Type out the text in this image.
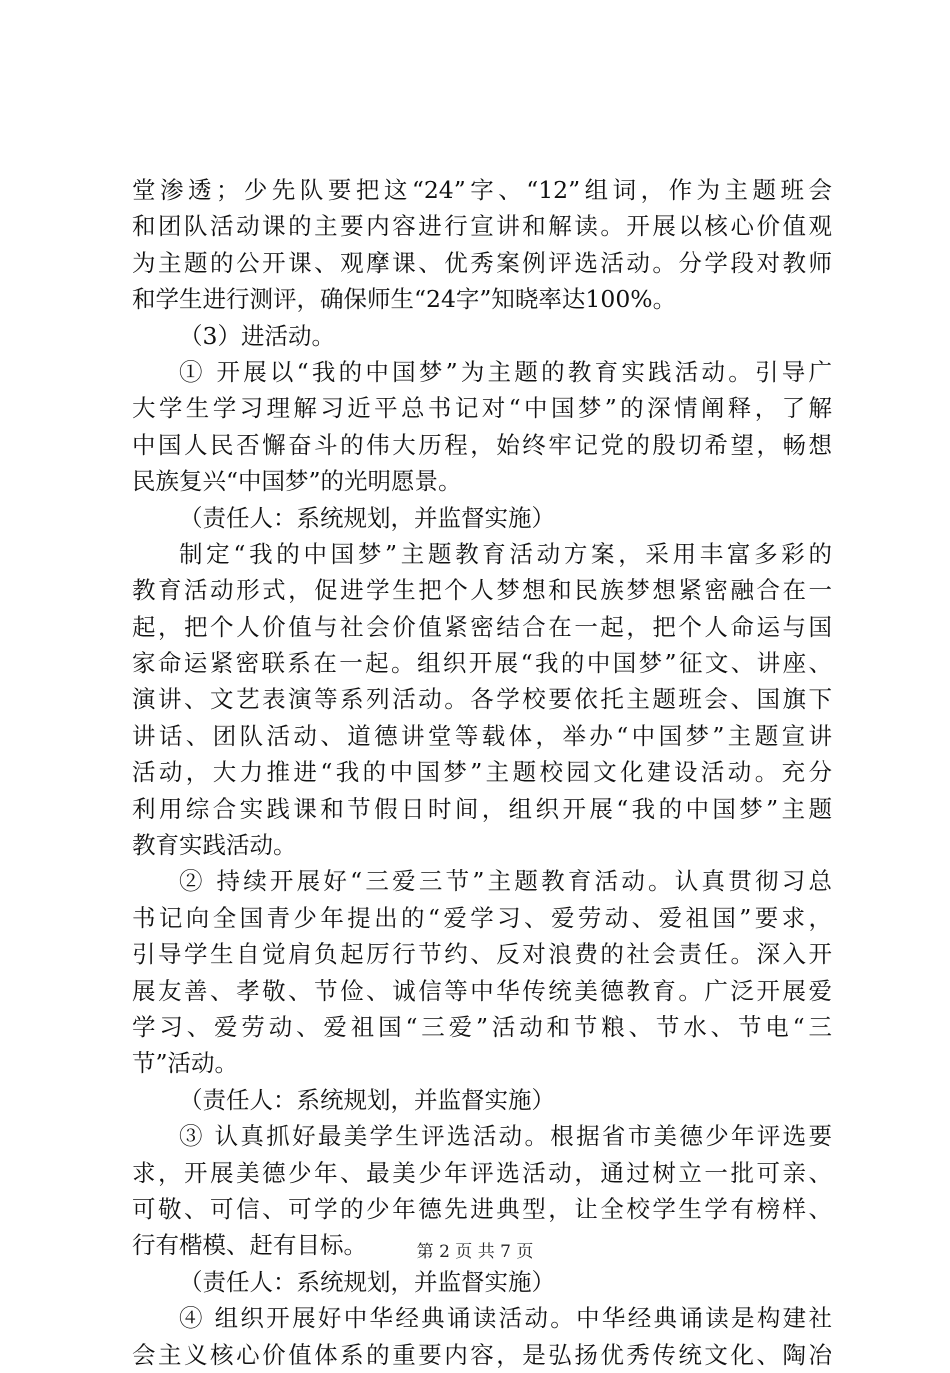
堂渗透；少先队要把这“24”字、“12”组词，作为主题班会
和团队活动课的主要内容进行宣讲和解读。开展以核心价值观
为主题的公开课、观摩课、优秀案例评选活动。分学段对教师
和学生进行测评，确保师生“24字”知晓率达100%。
（3）进活动。
① 开展以“我的中国梦”为主题的教育实践活动。引导广
大学生学习理解习近平总书记对“中国梦”的深情阐释，了解
中国人民否懈奋斗的伟大历程，始终牢记党的殷切希望，畅想
民族复兴“中国梦”的光明愿景。
（责任人：系统规划，并监督实施）
制定“我的中国梦”主题教育活动方案，采用丰富多彩的
教育活动形式，促进学生把个人梦想和民族梦想紧密融合在一
起，把个人价值与社会价值紧密结合在一起，把个人命运与国
家命运紧密联系在一起。组织开展“我的中国梦”征文、讲座、
演讲、文艺表演等系列活动。各学校要依托主题班会、国旗下
讲话、团队活动、道德讲堂等载体，举办“中国梦”主题宣讲
活动，大力推进“我的中国梦”主题校园文化建设活动。充分
利用综合实践课和节假日时间，组织开展“我的中国梦”主题
教育实践活动。
② 持续开展好“三爱三节”主题教育活动。认真贯彻习总
书记向全国青少年提出的“爱学习、爱劳动、爱祖国”要求，
引导学生自觉肩负起厉行节约、反对浪费的社会责任。深入开
展友善、孝敬、节俭、诚信等中华传统美德教育。广泛开展爱
学习、爱劳动、爱祖国“三爱”活动和节粮、节水、节电“三
节”活动。
（责任人：系统规划，并监督实施）
③ 认真抓好最美学生评选活动。根据省市美德少年评选要
求，开展美德少年、最美少年评选活动，通过树立一批可亲、
可敬、可信、可学的少年德先进典型，让全校学生学有榜样、
行有楷模、赶有目标。
（责任人：系统规划，并监督实施）
④ 组织开展好中华经典诵读活动。中华经典诵读是构建社
会主义核心价值体系的重要内容，是弘扬优秀传统文化、陶冶
第 2 页 共 7 页
